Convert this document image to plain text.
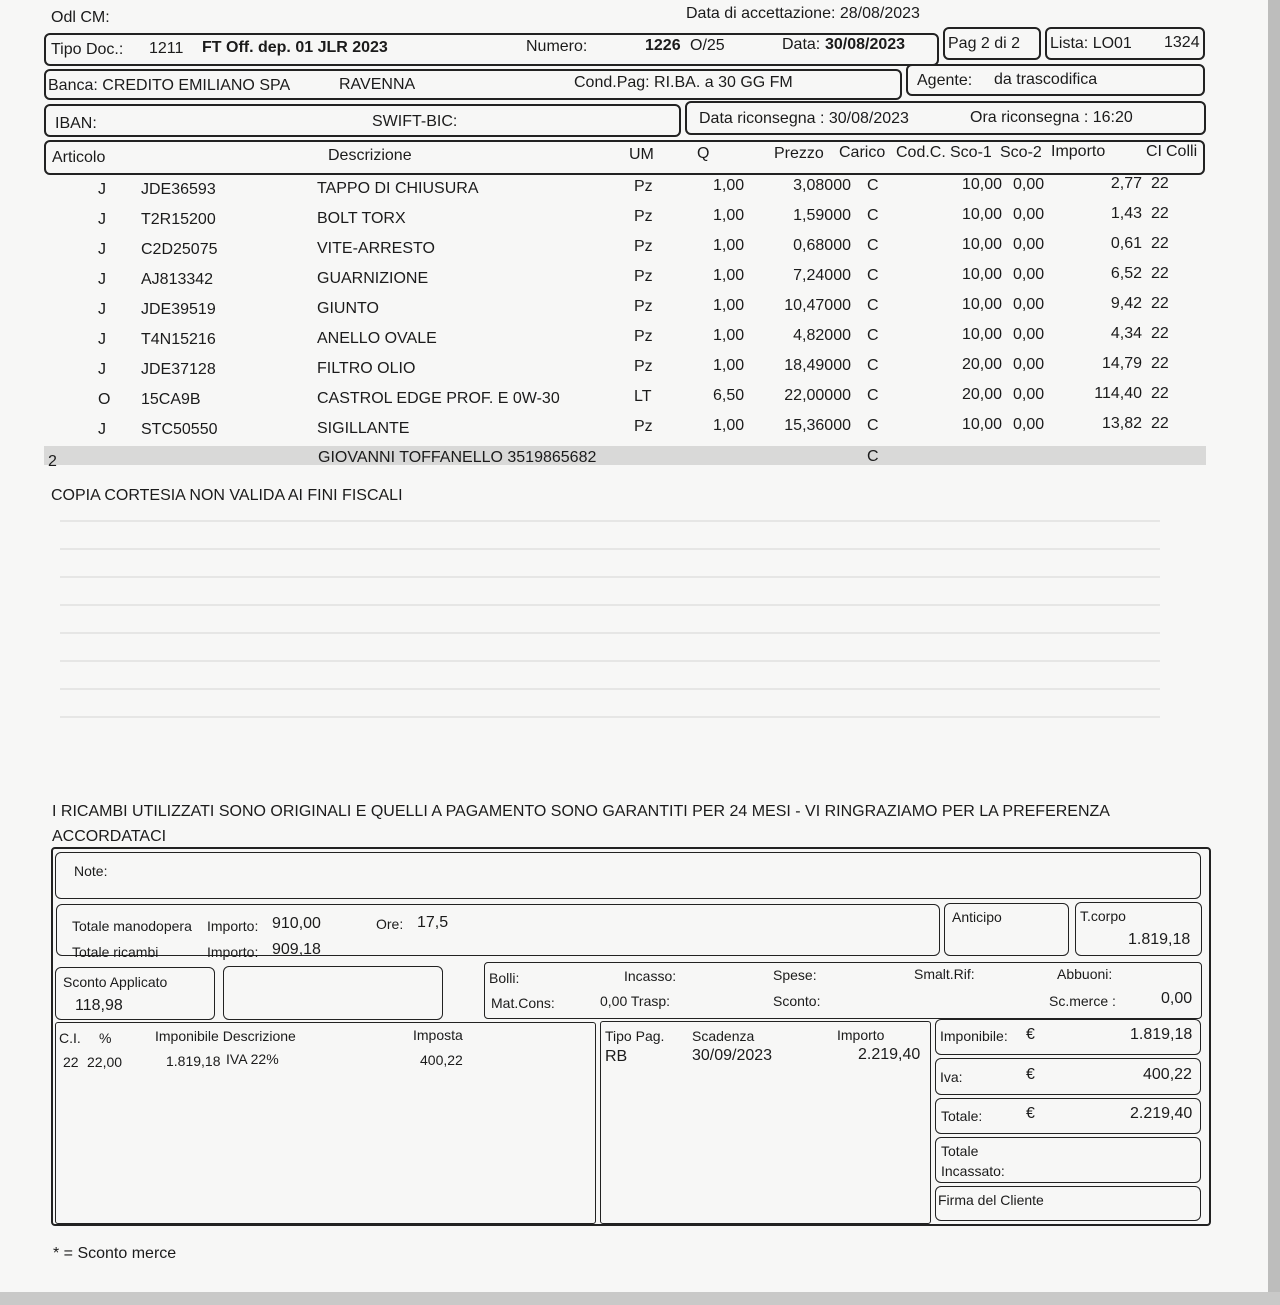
Odl CM:	Data di accettazione: 28/08/2023
Tipo Doc.: 1211 FT Off. dep. 01 JLR 2023	Numero:	1226 O/25	Data: 30/08/2023	Pag 2 di 2 Lista: LO01 1324
Banca: CREDITO EMILIANO SPA	RAVENNA	Cond.Pag: RI.BA. a 30 GG FM	Agente: da trascodifica
IBAN:	SWIFT-BIC:	Data riconsegna : 30/08/2023	Ora riconsegna : 16:20
Articolo	Descrizione	UM	Q	Prezzo Carico Cod.C. Sco-1 Sco-2 Importo	CI Colli
J JDE36593	TAPPO DI CHIUSURA	Pz	1,00	3,08000 C	10,00 0,00	2,77 22
J T2R15200	BOLT TORX	Pz	1,00	1,59000 C	10,00 0,00	1,43 22
J C2D25075	VITE-ARRESTO	Pz	1,00	0,68000 C	10,00 0,00	0,61 22
J AJ813342	GUARNIZIONE	Pz	1,00	7,24000 C	10,00 0,00	6,52 22
J JDE39519	GIUNTO	Pz	1,00	10,47000 C	10,00 0,00	9,42 22
J T4N15216	ANELLO OVALE	Pz	1,00	4,82000 C	10,00 0,00	4,34 22
J JDE37128	FILTRO OLIO	Pz	1,00	18,49000 C	20,00 0,00	14,79 22
O 15CA9B	CASTROL EDGE PROF. E 0W-30	LT	6,50	22,00000 C	20,00 0,00	114,40 22
J STC50550	SIGILLANTE	Pz	1,00	15,36000 C	10,00 0,00	13,82 22
2	GIOVANNI TOFFANELLO 3519865682	C
COPIA CORTESIA NON VALIDA AI FINI FISCALI
I RICAMBI UTILIZZATI SONO ORIGINALI E QUELLI A PAGAMENTO SONO GARANTITI PER 24 MESI - VI RINGRAZIAMO PER LA PREFERENZA
ACCORDATACI
Note:
Totale manodopera Importo: 910,00	Ore: 17,5
Totale ricambi	Importo: 909,18
Anticipo	T.corpo
1.819,18
Sconto Applicato
118,98
Bolli:	Incasso:	Spese:	Smalt.Rif:	Abbuoni:
Mat.Cons:	0,00 Trasp:	Sconto:	Sc.merce :	0,00
C.I. %	Imponibile Descrizione	Imposta
22 22,00	1.819,18 IVA 22%	400,22
Tipo Pag. Scadenza	Importo
RB	30/09/2023	2.219,40
Imponibile: €	1.819,18
Iva:	€	400,22
Totale:	€	2.219,40
Totale
Incassato:
Firma del Cliente
* = Sconto merce
